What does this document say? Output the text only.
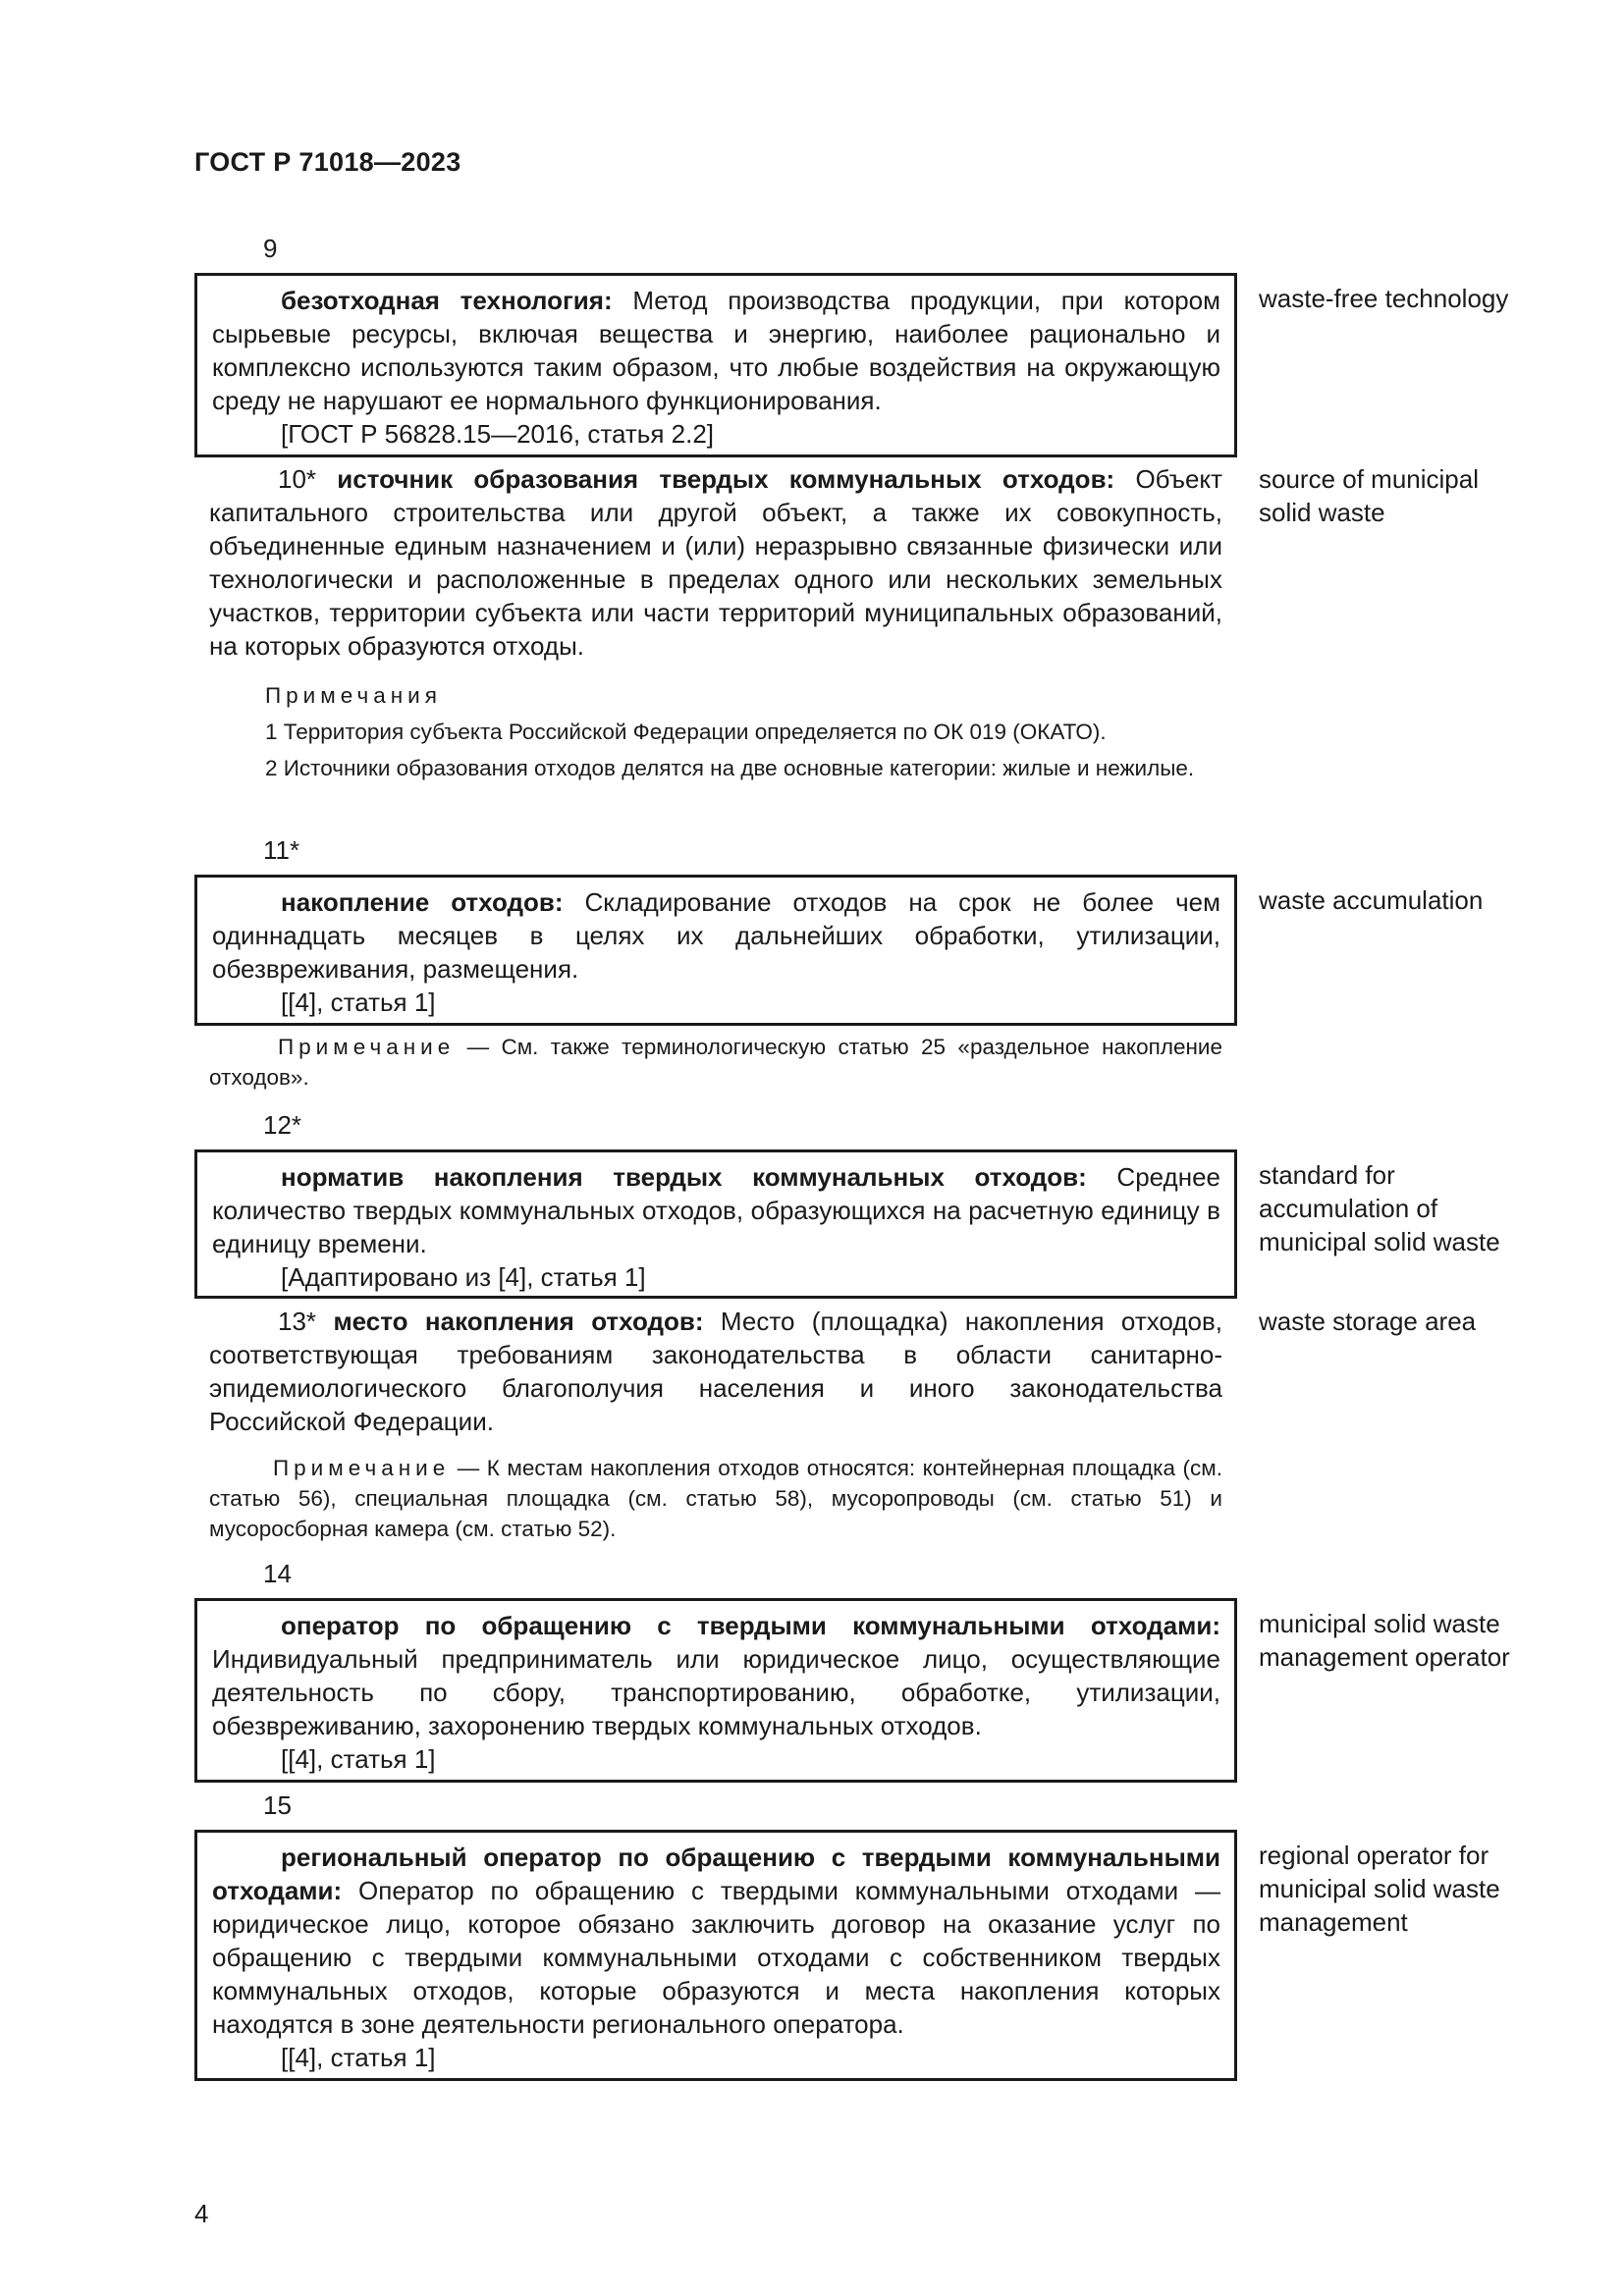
ГОСТ Р 71018—2023
9

безотходная технология: Метод производства продукции, при котором сырьевые ресурсы, включая вещества и энергию, наиболее рационально и комплексно используются таким образом, что любые воздействия на окружающую среду не нарушают ее нормального функционирования.

[ГОСТ Р 56828.15—2016, статья 2.2]

waste-free technology

10* источник образования твердых коммунальных отходов: Объект капитального строительства или другой объект, а также их совокупность, объединенные единым назначением и (или) неразрывно связанные физически или технологически и расположенные в пределах одного или нескольких земельных участков, территории субъекта или части территорий муниципальных образований, на которых образуются отходы.

source of municipal solid waste

Примечания

1 Территория субъекта Российской Федерации определяется по ОК 019 (ОКАТО).

2 Источники образования отходов делятся на две основные категории: жилые и нежилые.

11*

накопление отходов: Складирование отходов на срок не более чем одиннадцать месяцев в целях их дальнейших обработки, утилизации, обезвреживания, размещения.

[[4], статья 1]

waste accumulation

Примечание — См. также терминологическую статью 25 «раздельное накопление отходов».

12*

норматив накопления твердых коммунальных отходов: Среднее количество твердых коммунальных отходов, образующихся на расчетную единицу в единицу времени.

[Адаптировано из [4], статья 1]

standard for accumulation of municipal solid waste

13* место накопления отходов: Место (площадка) накопления отходов, соответствующая требованиям законодательства в области санитарно-эпидемиологического благополучия населения и иного законодательства Российской Федерации.

waste storage area

Примечание — К местам накопления отходов относятся: контейнерная площадка (см. статью 56), специальная площадка (см. статью 58), мусоропроводы (см. статью 51) и мусоросборная камера (см. статью 52).

14

оператор по обращению с твердыми коммунальными отходами: Индивидуальный предприниматель или юридическое лицо, осуществляющие деятельность по сбору, транспортированию, обработке, утилизации, обезвреживанию, захоронению твердых коммунальных отходов.

[[4], статья 1]

municipal solid waste management operator
15

региональный оператор по обращению с твердыми коммунальными отходами: Оператор по обращению с твердыми коммунальными отходами — юридическое лицо, которое обязано заключить договор на оказание услуг по обращению с твердыми коммунальными отходами с собственником твердых коммунальных отходов, которые образуются и места накопления которых находятся в зоне деятельности регионального оператора.

[[4], статья 1]

regional operator for municipal solid waste management
4
